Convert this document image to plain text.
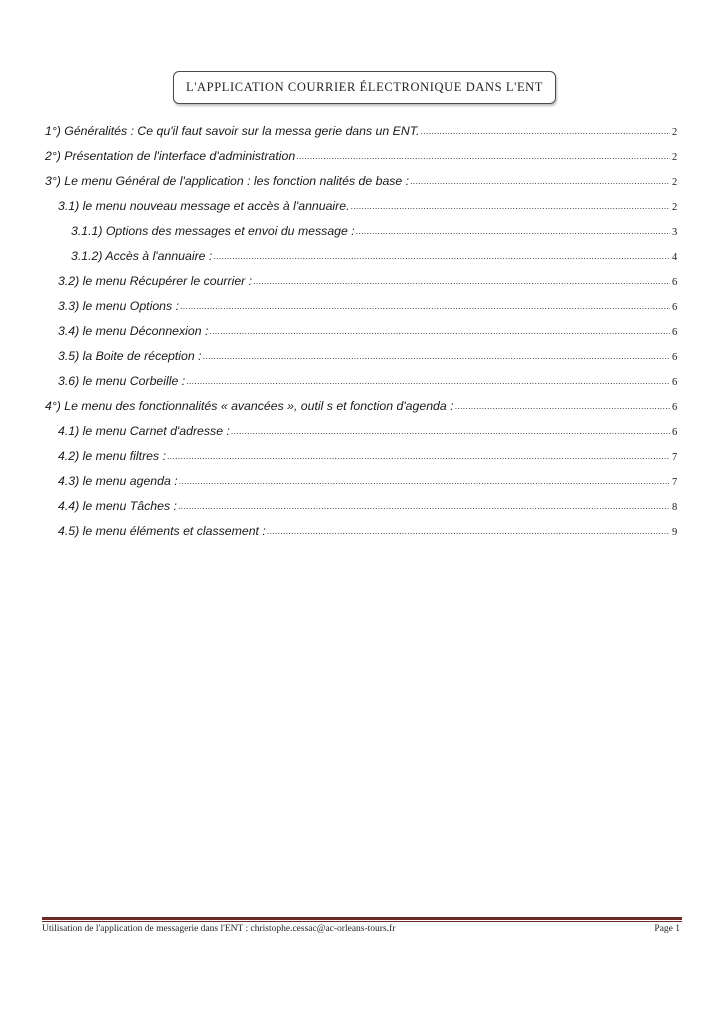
L'APPLICATION COURRIER ÉLECTRONIQUE DANS L'ENT
1°) Généralités : Ce qu'il faut savoir sur la messa gerie dans un ENT. .....	2
2°) Présentation de l'interface d'administration .....	2
3°) Le menu Général de l'application : les fonction nalités de base : .....	2
3.1) le menu nouveau message et accès à l'annuaire. .....	2
3.1.1) Options des messages et envoi du message : .....	3
3.1.2) Accès à l'annuaire : .....	4
3.2) le menu Récupérer le courrier : .....	6
3.3) le menu Options : .....	6
3.4) le menu Déconnexion : .....	6
3.5) la Boite de réception : .....	6
3.6) le menu Corbeille : .....	6
4°) Le menu des fonctionnalités « avancées », outil s et fonction d'agenda : .....	6
4.1) le menu Carnet d'adresse : .....	6
4.2) le menu filtres : .....	7
4.3) le menu agenda : .....	7
4.4) le menu Tâches : .....	8
4.5) le menu éléments et classement : .....	9
Utilisation de l'application de messagerie dans l'ENT : christophe.cessac@ac-orleans-tours.fr	Page 1
